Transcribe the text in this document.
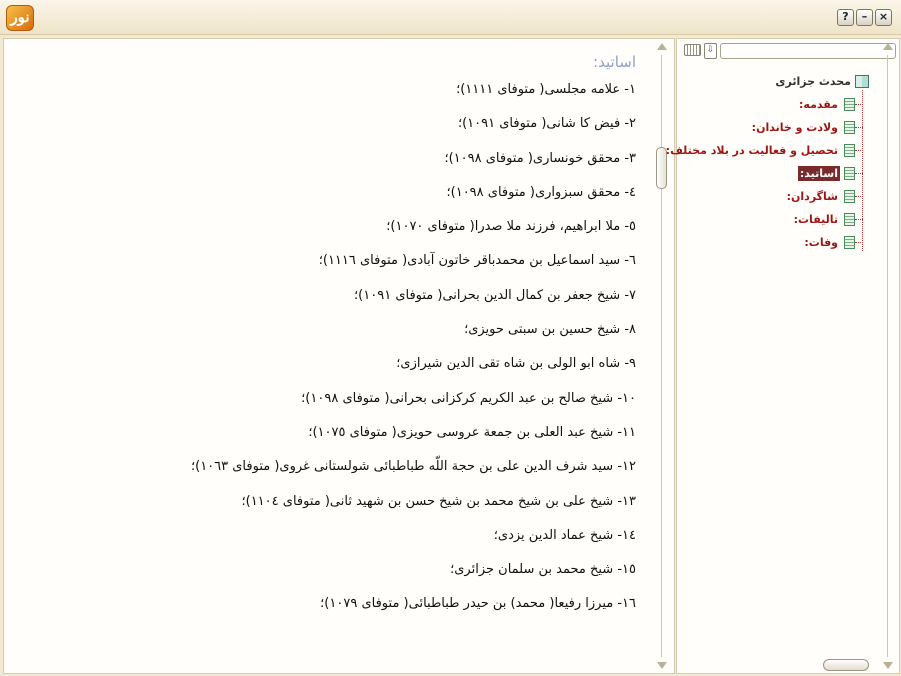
نور	?	–	×
اساتید:
۱- علامه مجلسی( متوفای ۱۱۱۱)؛
۲- فیض کا شانی( متوفای ۱۰۹۱)؛
۳- محقق خونساری( متوفای ۱۰۹۸)؛
٤- محقق سبزواری( متوفای ۱۰۹۸)؛
٥- ملا ابراهیم، فرزند ملا صدرا( متوفای ۱۰۷۰)؛
٦- سید اسماعیل بن محمدباقر خاتون آبادی( متوفای ۱۱۱٦)؛
۷- شیخ جعفر بن کمال الدین بحرانی( متوفای ۱۰۹۱)؛
۸- شیخ حسین بن سبتی حویزی؛
۹- شاه ابو الولی بن شاه تقی الدین شیرازی؛
۱۰- شیخ صالح بن عبد الکریم کرکزانی بحرانی( متوفای ۱۰۹۸)؛
۱۱- شیخ عبد العلی بن جمعة عروسی حویزی( متوفای ۱۰۷٥)؛
۱۲- سید شرف الدین علی بن حجة اللّه طباطبائی شولستانی غروی( متوفای ۱۰٦۳)؛
۱۳- شیخ علی بن شیخ محمد بن شیخ حسن بن شهید ثانی( متوفای ۱۱۰٤)؛
۱٤- شیخ عماد الدین یزدی؛
۱٥- شیخ محمد بن سلمان جزائری؛
۱٦- میرزا رفیعا( محمد) بن حیدر طباطبائی( متوفای ۱۰۷۹)؛
⇩
محدث جزائری
مقدمه:
ولادت و خاندان:
تحصیل و فعالیت در بلاد مختلف:
اساتید:
شاگردان:
تالیفات:
وفات:
